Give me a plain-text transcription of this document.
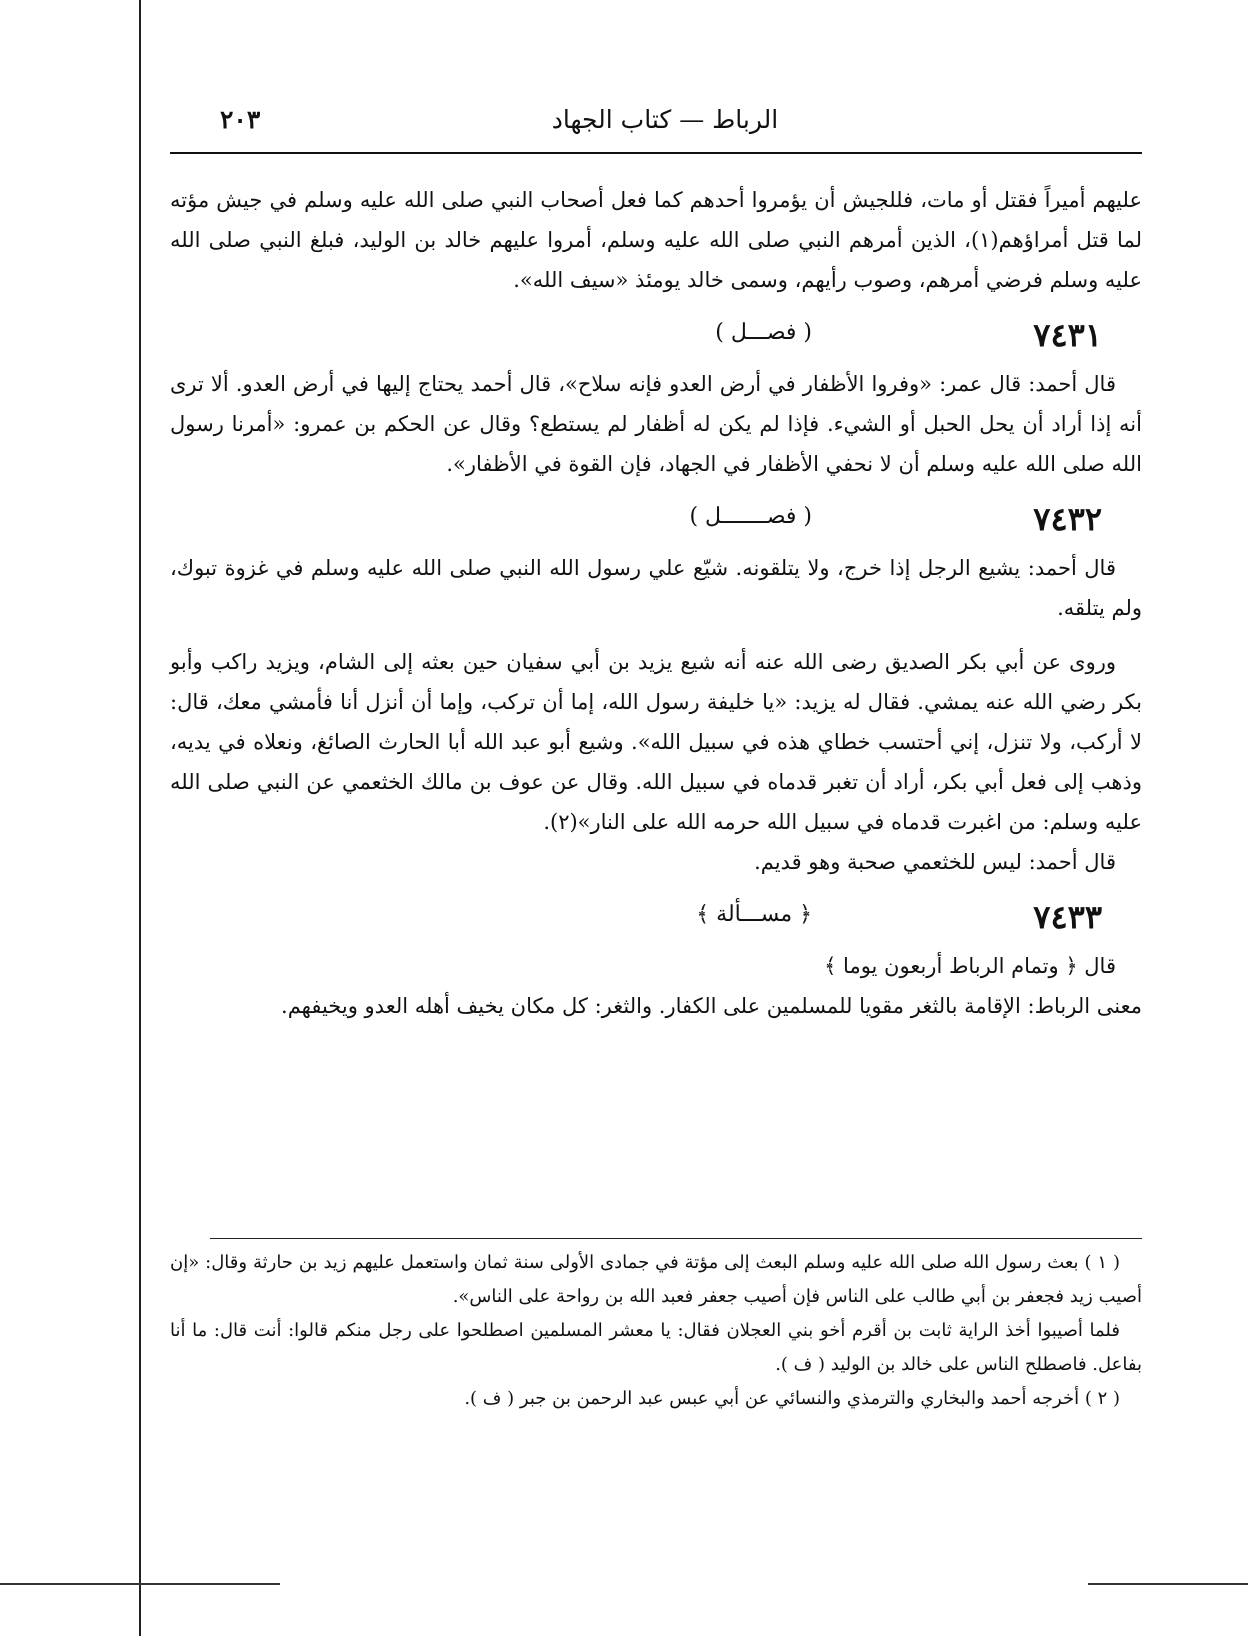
الرباط — كتاب الجهاد
٢٠٣

عليهم أميراً فقتل أو مات، فللجيش أن يؤمروا أحدهم كما فعل أصحاب النبي صلى الله عليه وسلم في جيش مؤته لما قتل أمراؤهم(١)، الذين أمرهم النبي صلى الله عليه وسلم، أمروا عليهم خالد بن الوليد، فبلغ النبي صلى الله عليه وسلم فرضي أمرهم، وصوب رأيهم، وسمى خالد يومئذ «سيف الله».

٧٤٣١
( فصـــل )

قال أحمد: قال عمر: «وفروا الأظفار في أرض العدو فإنه سلاح»، قال أحمد يحتاج إليها في أرض العدو. ألا ترى أنه إذا أراد أن يحل الحبل أو الشيء. فإذا لم يكن له أظفار لم يستطع؟ وقال عن الحكم بن عمرو: «أمرنا رسول الله صلى الله عليه وسلم أن لا نحفي الأظفار في الجهاد، فإن القوة في الأظفار».

٧٤٣٢
( فصـــــــل )

قال أحمد: يشيع الرجل إذا خرج، ولا يتلقونه. شيّع علي رسول الله النبي صلى الله عليه وسلم في غزوة تبوك، ولم يتلقه.

وروى عن أبي بكر الصديق رضى الله عنه أنه شيع يزيد بن أبي سفيان حين بعثه إلى الشام، ويزيد راكب وأبو بكر رضي الله عنه يمشي. فقال له يزيد: «يا خليفة رسول الله، إما أن تركب، وإما أن أنزل أنا فأمشي معك، قال: لا أركب، ولا تنزل، إني أحتسب خطاي هذه في سبيل الله». وشيع أبو عبد الله أبا الحارث الصائغ، ونعلاه في يديه، وذهب إلى فعل أبي بكر، أراد أن تغبر قدماه في سبيل الله. وقال عن عوف بن مالك الخثعمي عن النبي صلى الله عليه وسلم: من اغبرت قدماه في سبيل الله حرمه الله على النار»(٢).

قال أحمد: ليس للخثعمي صحبة وهو قديم.

٧٤٣٣
﴿ مســـألة ﴾

قال ﴿ وتمام الرباط أربعون يوما ﴾

معنى الرباط: الإقامة بالثغر مقويا للمسلمين على الكفار. والثغر: كل مكان يخيف أهله العدو ويخيفهم.

( ١ ) بعث رسول الله صلى الله عليه وسلم البعث إلى مؤتة في جمادى الأولى سنة ثمان واستعمل عليهم زيد بن حارثة وقال: «إن أصيب زيد فجعفر بن أبي طالب على الناس فإن أصيب جعفر فعبد الله بن رواحة على الناس».

فلما أصيبوا أخذ الراية ثابت بن أقرم أخو بني العجلان فقال: يا معشر المسلمين اصطلحوا على رجل منكم قالوا: أنت قال: ما أنا بفاعل. فاصطلح الناس على خالد بن الوليد ( ف ).

( ٢ ) أخرجه أحمد والبخاري والترمذي والنسائي عن أبي عبس عبد الرحمن بن جبر ( ف ).
